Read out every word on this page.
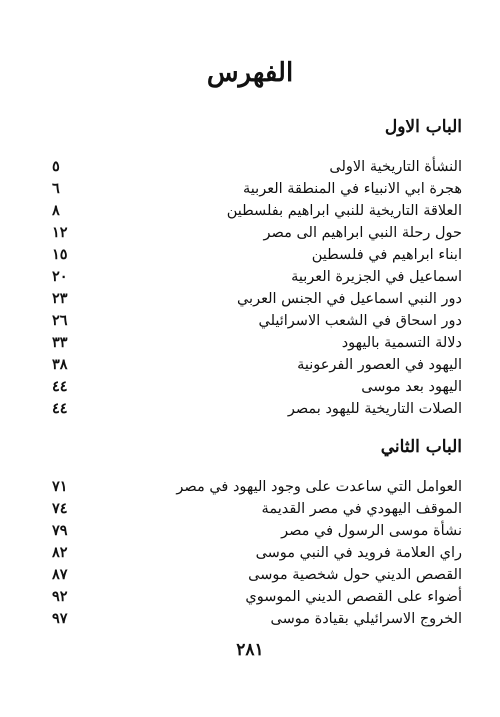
الفهرس
الباب الاول
النشأة التاريخية الاولى
٥
هجرة ابي الانبياء في المنطقة العربية
٦
العلاقة التاريخية للنبي ابراهيم بفلسطين
٨
حول رحلة النبي ابراهيم الى مصر
١٢
ابناء ابراهيم في فلسطين
١٥
اسماعيل في الجزيرة العربية
٢٠
دور النبي اسماعيل في الجنس العربي
٢٣
دور اسحاق في الشعب الاسرائيلي
٢٦
دلالة التسمية باليهود
٣٣
اليهود في العصور الفرعونية
٣٨
اليهود بعد موسى
٤٤
الصلات التاريخية لليهود بمصر
٤٤
الباب الثاني
العوامل التي ساعدت على وجود اليهود في مصر
٧١
الموقف اليهودي في مصر القديمة
٧٤
نشأة موسى الرسول في مصر
٧٩
راي العلامة فرويد في النبي موسى
٨٢
القصص الديني حول شخصية موسى
٨٧
أضواء على القصص الديني الموسوي
٩٢
الخروج الاسرائيلي بقيادة موسى
٩٧
٢٨١
